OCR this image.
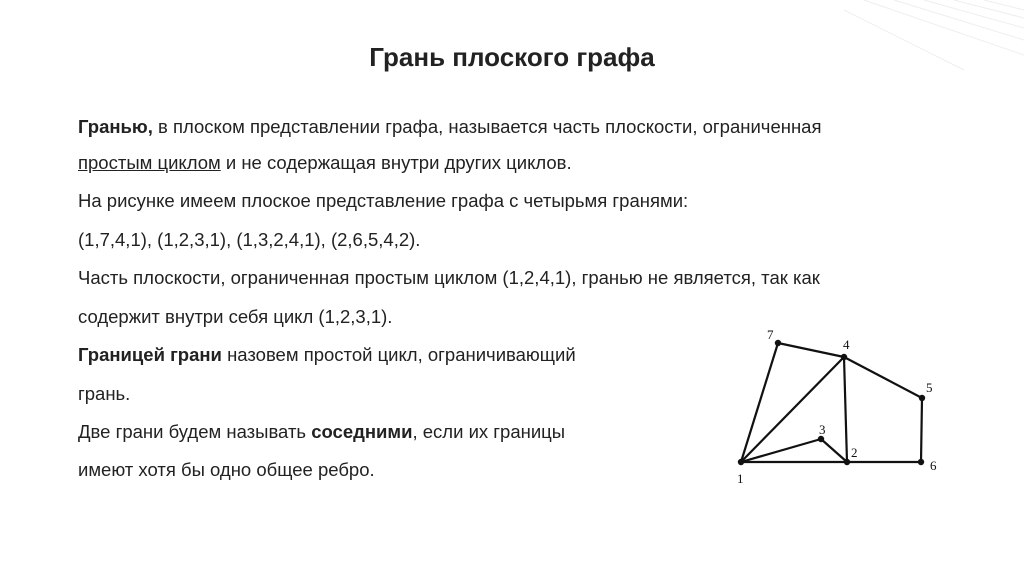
Грань плоского графа
Гранью, в плоском представлении графа, называется часть плоскости, ограниченная
простым циклом и не содержащая внутри других циклов.
На рисунке имеем плоское представление графа с четырьмя гранями:
(1,7,4,1), (1,2,3,1), (1,3,2,4,1), (2,6,5,4,2).
Часть плоскости, ограниченная простым циклом (1,2,4,1), гранью не является, так как
содержит внутри себя цикл (1,2,3,1).
Границей грани назовем простой цикл, ограничивающий
грань.
Две грани будем называть соседними, если их границы
имеют хотя бы одно общее ребро.	1
2
3
4
5
6
7
